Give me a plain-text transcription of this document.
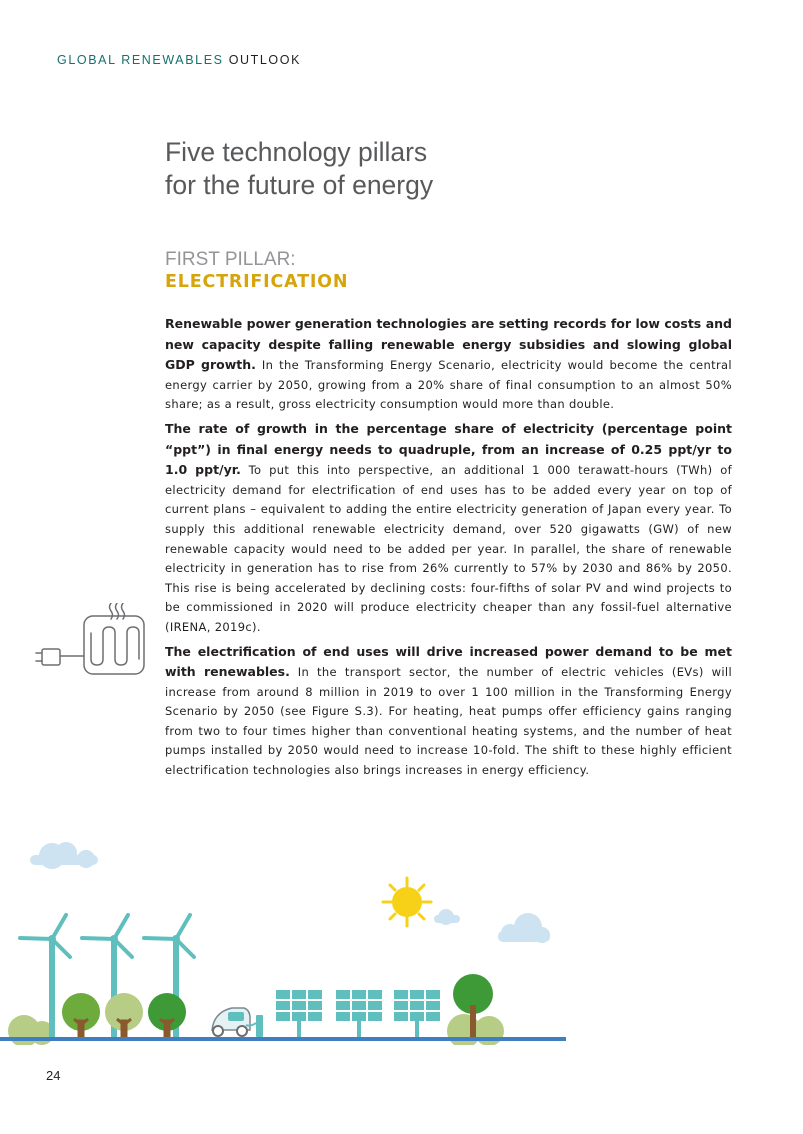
GLOBAL RENEWABLES OUTLOOK
Five technology pillars
for the future of energy
FIRST PILLAR:
ELECTRIFICATION

Renewable power generation technologies are setting records for low costs and new capacity despite falling renewable energy subsidies and slowing global GDP growth. In the Transforming Energy Scenario, electricity would become the central energy carrier by 2050, growing from a 20% share of final consumption to an almost 50% share; as a result, gross electricity consumption would more than double.

The rate of growth in the percentage share of electricity (percentage point “ppt”) in final energy needs to quadruple, from an increase of 0.25 ppt/yr to 1.0 ppt/yr. To put this into perspective, an additional 1 000 terawatt-hours (TWh) of electricity demand for electrification of end uses has to be added every year on top of current plans – equivalent to adding the entire electricity generation of Japan every year. To supply this additional renewable electricity demand, over 520 gigawatts (GW) of new renewable capacity would need to be added per year. In parallel, the share of renewable electricity in generation has to rise from 26% currently to 57% by 2030 and 86% by 2050. This rise is being accelerated by declining costs: four-fifths of solar PV and wind projects to be commissioned in 2020 will produce electricity cheaper than any fossil-fuel alternative (IRENA, 2019c).

The electrification of end uses will drive increased power demand to be met with renewables. In the transport sector, the number of electric vehicles (EVs) will increase from around 8 million in 2019 to over 1 100 million in the Transforming Energy Scenario by 2050 (see Figure S.3). For heating, heat pumps offer efficiency gains ranging from two to four times higher than conventional heating systems, and the number of heat pumps installed by 2050 would need to increase 10-fold. The shift to these highly efficient electrification technologies also brings increases in energy efficiency.

24
